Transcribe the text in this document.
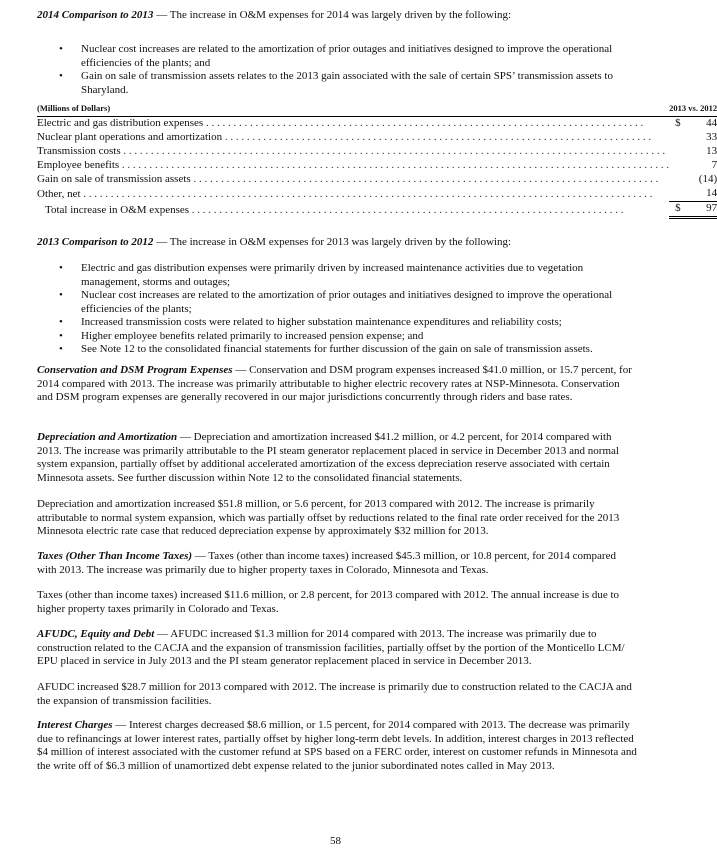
2014 Comparison to 2013 — The increase in O&M expenses for 2014 was largely driven by the following:

• Nuclear cost increases are related to the amortization of prior outages and initiatives designed to improve the operational efficiencies of the plants; and
• Gain on sale of transmission assets relates to the 2013 gain associated with the sale of certain SPS’ transmission assets to Sharyland.
(Millions of Dollars)	2013 vs. 2012	
Electric and gas distribution expenses . . . . . . . . . . . . . . . . . . . . . . . . . . . . . . . . . . . . . . . . . . . . . . . . . . . . . . . . . . . . . . . . . . . . . . . . . . . . . . . .	$	44
Nuclear plant operations and amortization . . . . . . . . . . . . . . . . . . . . . . . . . . . . . . . . . . . . . . . . . . . . . . . . . . . . . . . . . . . . . . . . . . . . . . . . . . . . . .		33
Transmission costs . . . . . . . . . . . . . . . . . . . . . . . . . . . . . . . . . . . . . . . . . . . . . . . . . . . . . . . . . . . . . . . . . . . . . . . . . . . . . . . . . . . . . . . . . . . . . . . . . . .		13
Employee benefits . . . . . . . . . . . . . . . . . . . . . . . . . . . . . . . . . . . . . . . . . . . . . . . . . . . . . . . . . . . . . . . . . . . . . . . . . . . . . . . . . . . . . . . . . . . . . . . . . . . .		7
Gain on sale of transmission assets . . . . . . . . . . . . . . . . . . . . . . . . . . . . . . . . . . . . . . . . . . . . . . . . . . . . . . . . . . . . . . . . . . . . . . . . . . . . . . . . . . . . .		(14)
Other, net . . . . . . . . . . . . . . . . . . . . . . . . . . . . . . . . . . . . . . . . . . . . . . . . . . . . . . . . . . . . . . . . . . . . . . . . . . . . . . . . . . . . . . . . . . . . . . . . . . . . . . . .		14
Total increase in O&M expenses . . . . . . . . . . . . . . . . . . . . . . . . . . . . . . . . . . . . . . . . . . . . . . . . . . . . . . . . . . . . . . . . . . . . . . . . . . . . . . .	$	97

2013 Comparison to 2012 — The increase in O&M expenses for 2013 was largely driven by the following:

• Electric and gas distribution expenses were primarily driven by increased maintenance activities due to vegetation management, storms and outages;
• Nuclear cost increases are related to the amortization of prior outages and initiatives designed to improve the operational efficiencies of the plants;
• Increased transmission costs were related to higher substation maintenance expenditures and reliability costs;
• Higher employee benefits related primarily to increased pension expense; and
• See Note 12 to the consolidated financial statements for further discussion of the gain on sale of transmission assets.

Conservation and DSM Program Expenses — Conservation and DSM program expenses increased $41.0 million, or 15.7 percent, for 2014 compared with 2013. The increase was primarily attributable to higher electric recovery rates at NSP-Minnesota. Conservation and DSM program expenses are generally recovered in our major jurisdictions concurrently through riders and base rates.

Depreciation and Amortization — Depreciation and amortization increased $41.2 million, or 4.2 percent, for 2014 compared with 2013. The increase was primarily attributable to the PI steam generator replacement placed in service in December 2013 and normal system expansion, partially offset by additional accelerated amortization of the excess depreciation reserve associated with certain Minnesota assets. See further discussion within Note 12 to the consolidated financial statements.

Depreciation and amortization increased $51.8 million, or 5.6 percent, for 2013 compared with 2012. The increase is primarily attributable to normal system expansion, which was partially offset by reductions related to the final rate order received for the 2013 Minnesota electric rate case that reduced depreciation expense by approximately $32 million for 2013.

Taxes (Other Than Income Taxes) — Taxes (other than income taxes) increased $45.3 million, or 10.8 percent, for 2014 compared with 2013. The increase was primarily due to higher property taxes in Colorado, Minnesota and Texas.

Taxes (other than income taxes) increased $11.6 million, or 2.8 percent, for 2013 compared with 2012. The annual increase is due to higher property taxes primarily in Colorado and Texas.

AFUDC, Equity and Debt — AFUDC increased $1.3 million for 2014 compared with 2013. The increase was primarily due to construction related to the CACJA and the expansion of transmission facilities, partially offset by the portion of the Monticello LCM/ EPU placed in service in July 2013 and the PI steam generator replacement placed in service in December 2013.

AFUDC increased $28.7 million for 2013 compared with 2012. The increase is primarily due to construction related to the CACJA and the expansion of transmission facilities.

Interest Charges — Interest charges decreased $8.6 million, or 1.5 percent, for 2014 compared with 2013. The decrease was primarily due to refinancings at lower interest rates, partially offset by higher long-term debt levels. In addition, interest charges in 2013 reflected $4 million of interest associated with the customer refund at SPS based on a FERC order, interest on customer refunds in Minnesota and the write off of $6.3 million of unamortized debt expense related to the junior subordinated notes called in May 2013.

58
